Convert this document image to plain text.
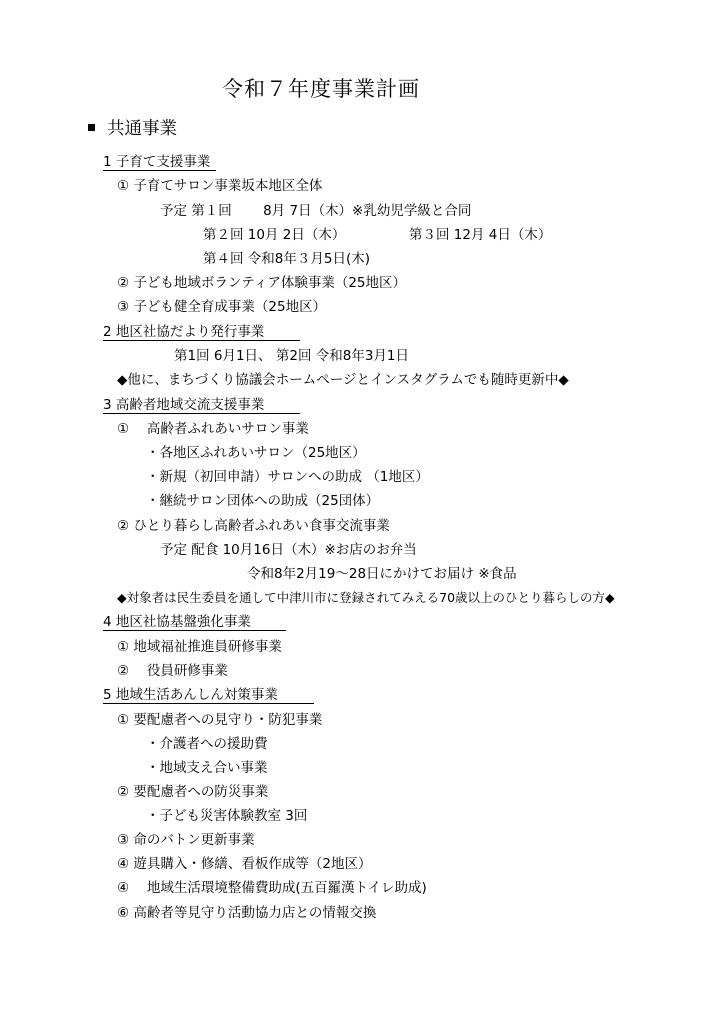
令和７年度事業計画
共通事業
1 子育て支援事業
① 子育てサロン事業坂本地区全体
予定 第１回　　 8月 7日（木）※乳幼児学級と合同
第２回 10月 2日（木）	第３回 12月 4日（木）
第４回 令和8年３月5日(木)
② 子ども地域ボランティア体験事業（25地区）
③ 子ども健全育成事業（25地区）
2 地区社協だより発行事業
第1回 6月1日、 第2回 令和8年3月1日
◆他に、まちづくり協議会ホームページとインスタグラムでも随時更新中◆
3 高齢者地域交流支援事業
①　 高齢者ふれあいサロン事業
・各地区ふれあいサロン（25地区）
・新規（初回申請）サロンへの助成 （1地区）
・継続サロン団体への助成（25団体）
② ひとり暮らし高齢者ふれあい食事交流事業
予定 配食 10月16日（木）※お店のお弁当
令和8年2月19〜28日にかけてお届け ※食品
◆対象者は民生委員を通して中津川市に登録されてみえる70歳以上のひとり暮らしの方◆
4 地区社協基盤強化事業
① 地域福祉推進員研修事業
②　 役員研修事業
5 地域生活あんしん対策事業
① 要配慮者への見守り・防犯事業
・介護者への援助費
・地域支え合い事業
② 要配慮者への防災事業
・子ども災害体験教室 3回
③ 命のバトン更新事業
④ 遊具購入・修繕、看板作成等（2地区）
④　 地域生活環境整備費助成(五百羅漢トイレ助成)
⑥ 高齢者等見守り活動協力店との情報交換
